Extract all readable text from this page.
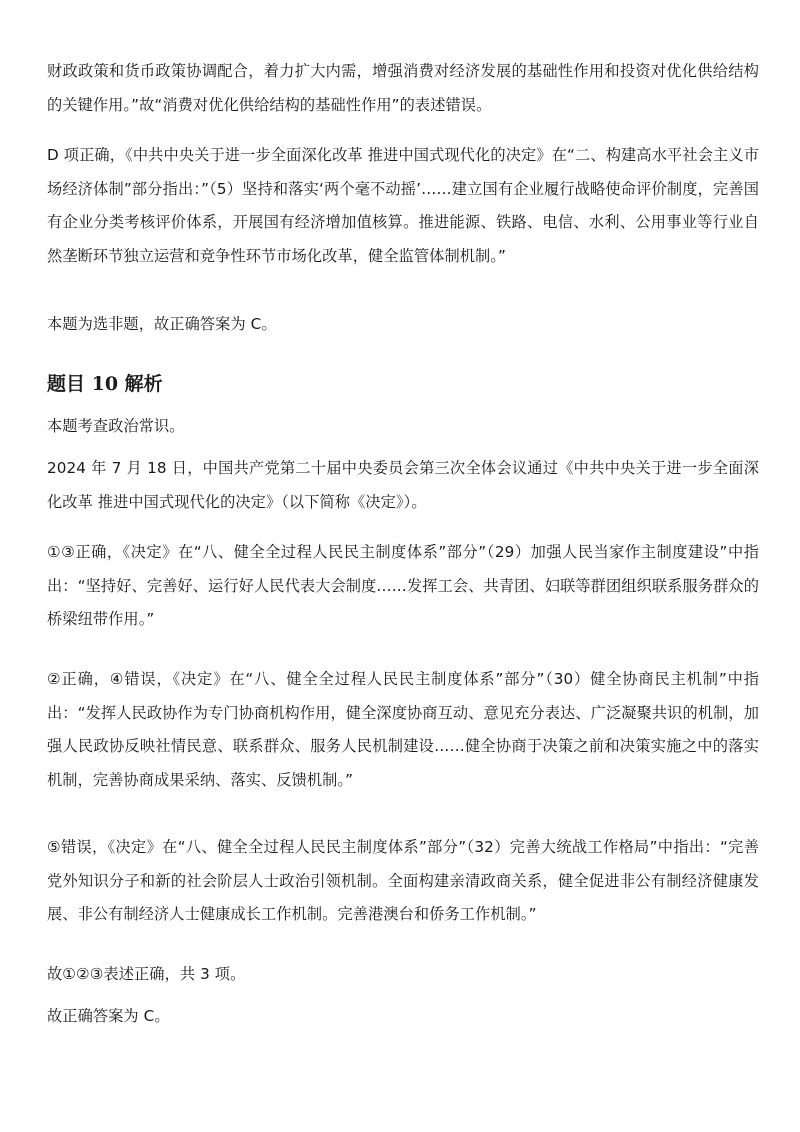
财政政策和货币政策协调配合，着力扩大内需，增强消费对经济发展的基础性作用和投资对优化供给结构的关键作用。”故“消费对优化供给结构的基础性作用”的表述错误。

D 项正确，《中共中央关于进一步全面深化改革 推进中国式现代化的决定》在“二、构建高水平社会主义市场经济体制”部分指出：”（5）坚持和落实‘两个毫不动摇’……建立国有企业履行战略使命评价制度，完善国有企业分类考核评价体系，开展国有经济增加值核算。推进能源、铁路、电信、水利、公用事业等行业自然垄断环节独立运营和竞争性环节市场化改革，健全监管体制机制。”

本题为选非题，故正确答案为 C。

题目 10 解析

本题考查政治常识。

2024 年 7 月 18 日，中国共产党第二十届中央委员会第三次全体会议通过《中共中央关于进一步全面深化改革 推进中国式现代化的决定》（以下简称《决定》）。

①③正确，《决定》在“八、健全全过程人民民主制度体系”部分”（29）加强人民当家作主制度建设”中指出：“坚持好、完善好、运行好人民代表大会制度……发挥工会、共青团、妇联等群团组织联系服务群众的桥梁纽带作用。”

②正确，④错误，《决定》在“八、健全全过程人民民主制度体系”部分”（30）健全协商民主机制”中指出：“发挥人民政协作为专门协商机构作用，健全深度协商互动、意见充分表达、广泛凝聚共识的机制，加强人民政协反映社情民意、联系群众、服务人民机制建设……健全协商于决策之前和决策实施之中的落实机制，完善协商成果采纳、落实、反馈机制。”

⑤错误，《决定》在“八、健全全过程人民民主制度体系”部分”（32）完善大统战工作格局”中指出：“完善党外知识分子和新的社会阶层人士政治引领机制。全面构建亲清政商关系，健全促进非公有制经济健康发展、非公有制经济人士健康成长工作机制。完善港澳台和侨务工作机制。”

故①②③表述正确，共 3 项。

故正确答案为 C。
